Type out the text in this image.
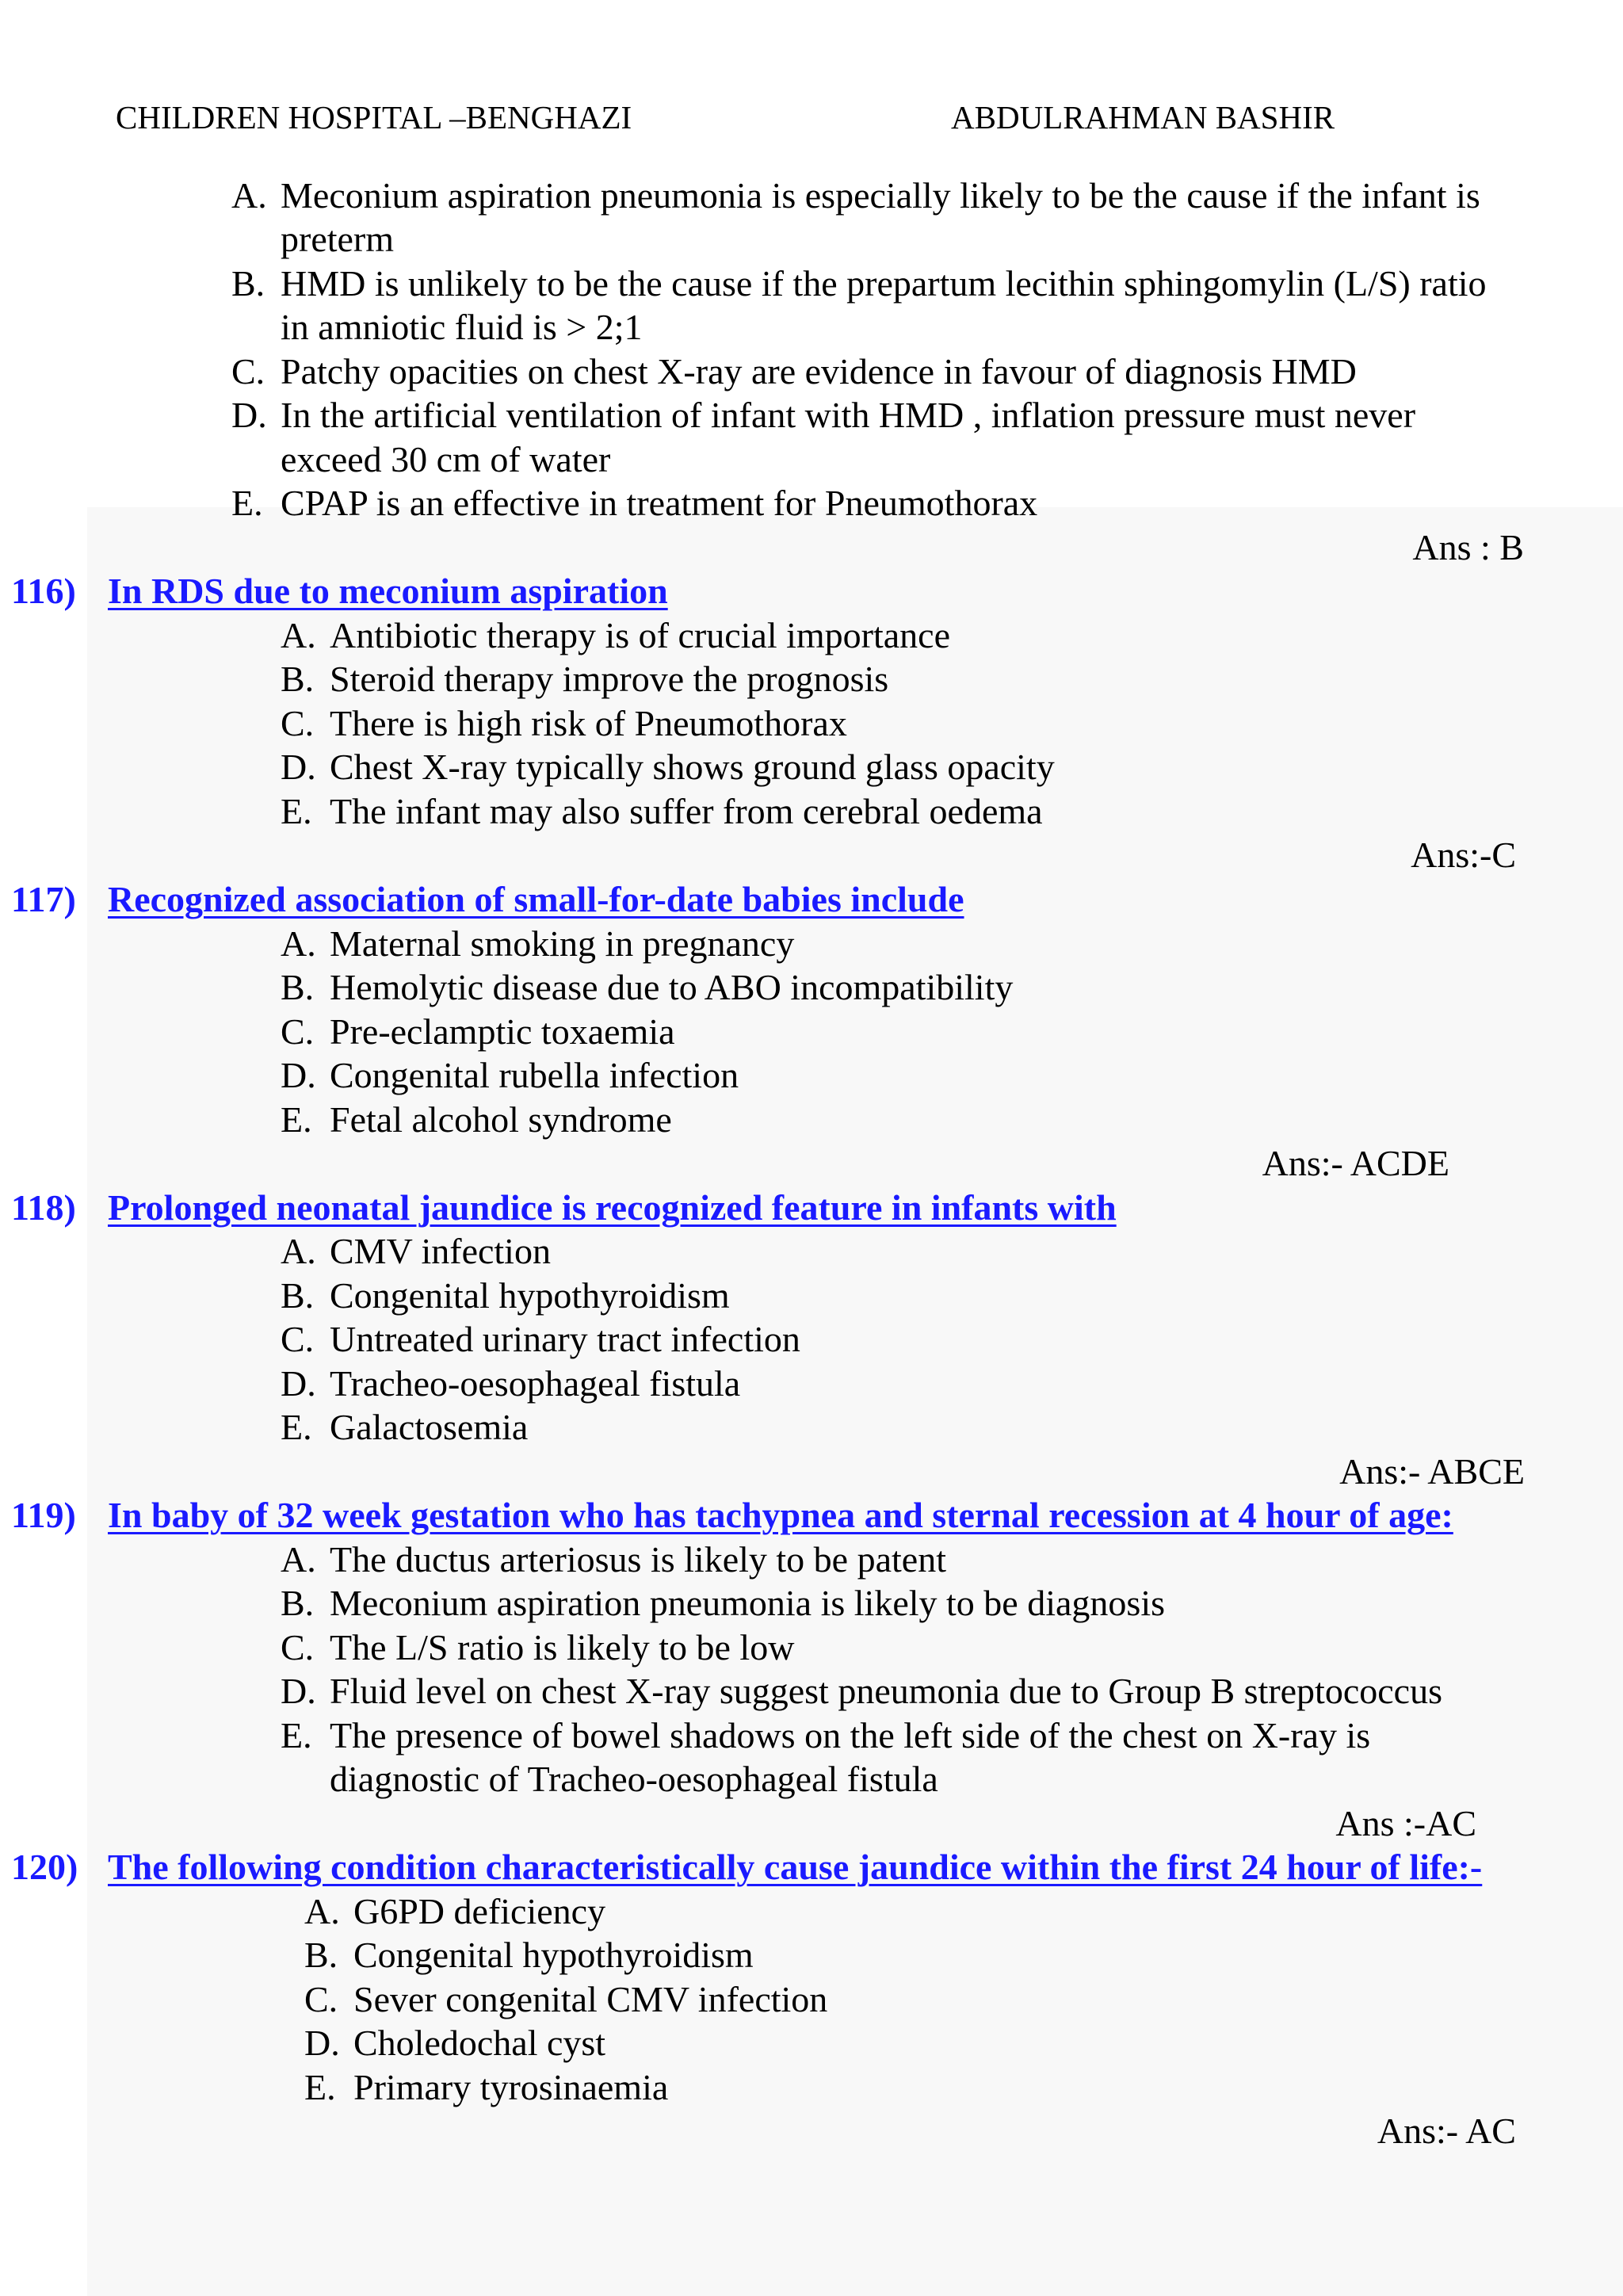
CHILDREN HOSPITAL –BENGHAZI	ABDULRAHMAN BASHIR
A. Meconium aspiration pneumonia is especially likely to be the cause if the infant is
preterm
B. HMD is unlikely to be the cause if the prepartum lecithin sphingomylin (L/S) ratio
in amniotic fluid is > 2;1
C. Patchy opacities on chest X-ray are evidence in favour of diagnosis HMD
D. In the artificial ventilation of infant with HMD , inflation pressure must never
exceed 30 cm of water
E. CPAP is an effective in treatment for Pneumothorax
Ans : B
116) In RDS due to meconium aspiration
A. Antibiotic therapy is of crucial importance
B. Steroid therapy improve the prognosis
C. There is high risk of Pneumothorax
D. Chest X-ray typically shows ground glass opacity
E. The infant may also suffer from cerebral oedema
Ans:-C
117) Recognized association of small-for-date babies include
A. Maternal smoking in pregnancy
B. Hemolytic disease due to ABO incompatibility
C. Pre-eclamptic toxaemia
D. Congenital rubella infection
E. Fetal alcohol syndrome
Ans:- ACDE
118) Prolonged neonatal jaundice is recognized feature in infants with
A. CMV infection
B. Congenital hypothyroidism
C. Untreated urinary tract infection
D. Tracheo-oesophageal fistula
E. Galactosemia
Ans:- ABCE
119) In baby of 32 week gestation who has tachypnea and sternal recession at 4 hour of age:
A. The ductus arteriosus is likely to be patent
B. Meconium aspiration pneumonia is likely to be diagnosis
C. The L/S ratio is likely to be low
D. Fluid level on chest X-ray suggest pneumonia due to Group B streptococcus
E. The presence of bowel shadows on the left side of the chest on X-ray is
diagnostic of Tracheo-oesophageal fistula
Ans :-AC
120) The following condition characteristically cause jaundice within the first 24 hour of life:-
A. G6PD deficiency
B. Congenital hypothyroidism
C. Sever congenital CMV infection
D. Choledochal cyst
E. Primary tyrosinaemia
Ans:- AC
